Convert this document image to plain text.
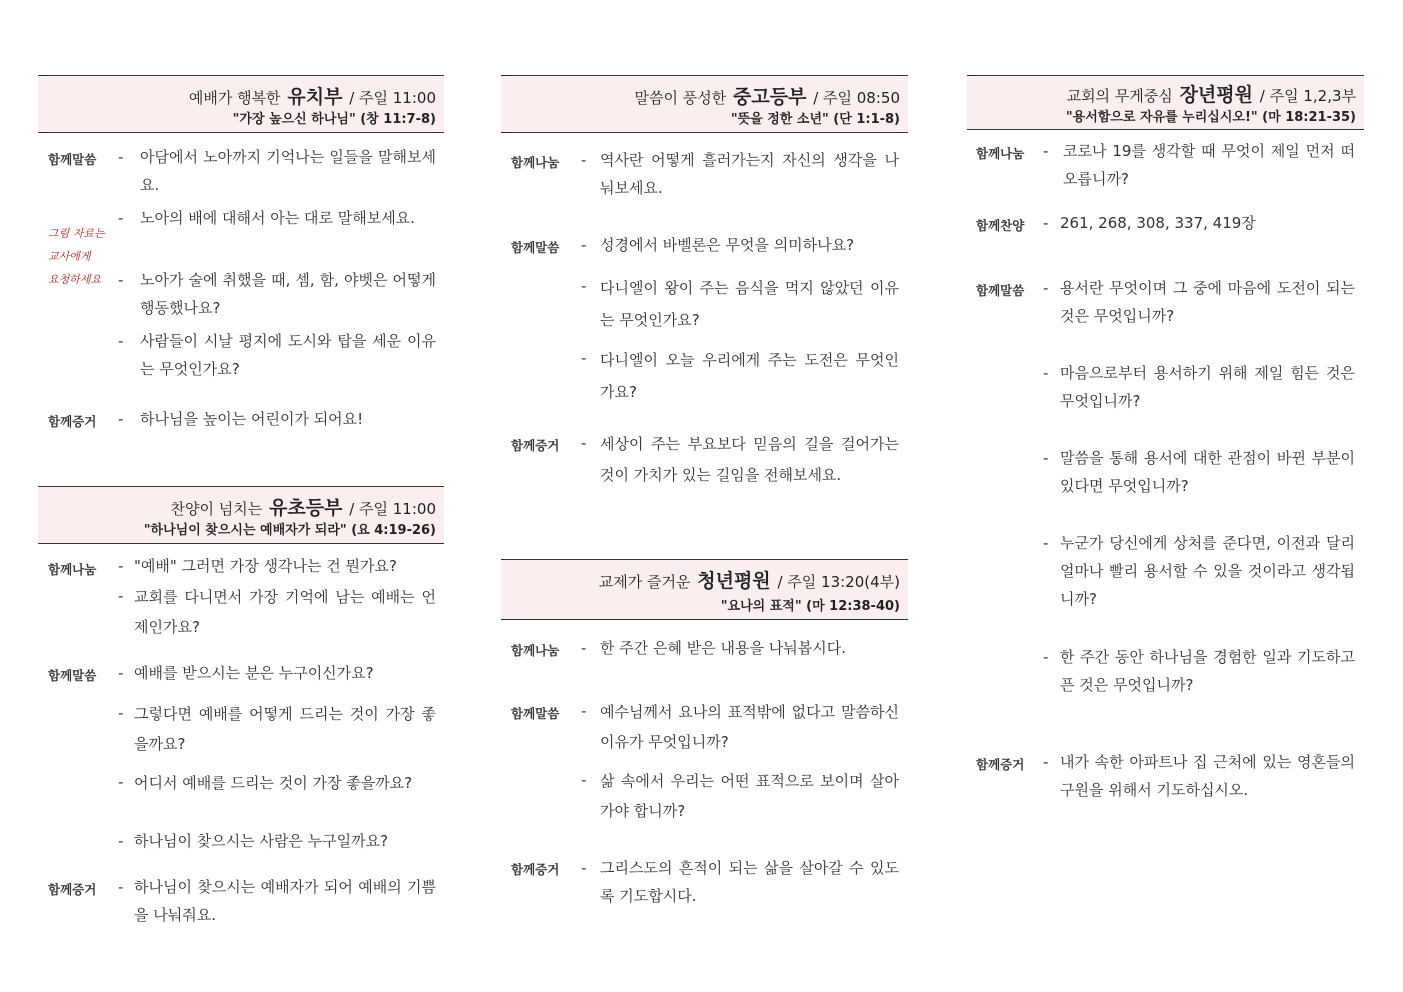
예배가 행복한 유치부 / 주일 11:00
"가장 높으신 하나님" (창 11:7-8)
함께말씀
그림 자료는
교사에게
요청하세요
- 아담에서 노아까지 기억나는 일들을 말해보세요.
- 노아의 배에 대해서 아는 대로 말해보세요.
- 노아가 술에 취했을 때, 셈, 함, 야벳은 어떻게 행동했나요?
- 사람들이 시날 평지에 도시와 탑을 세운 이유는 무엇인가요?
함께증거 - 하나님을 높이는 어린이가 되어요!
찬양이 넘치는 유초등부 / 주일 11:00
"하나님이 찾으시는 예배자가 되라" (요 4:19-26)
함께나눔 - "예배" 그러면 가장 생각나는 건 뭔가요?
- 교회를 다니면서 가장 기억에 남는 예배는 언제인가요?
함께말씀 - 예배를 받으시는 분은 누구이신가요?
- 그렇다면 예배를 어떻게 드리는 것이 가장 좋을까요?
- 어디서 예배를 드리는 것이 가장 좋을까요?
- 하나님이 찾으시는 사람은 누구일까요?
함께증거 - 하나님이 찾으시는 예배자가 되어 예배의 기쁨을 나눠줘요.
말씀이 풍성한 중고등부 / 주일 08:50
"뜻을 정한 소년" (단 1:1-8)
함께나눔 - 역사란 어떻게 흘러가는지 자신의 생각을 나눠보세요.
함께말씀 - 성경에서 바벨론은 무엇을 의미하나요?
- 다니엘이 왕이 주는 음식을 먹지 않았던 이유는 무엇인가요?
- 다니엘이 오늘 우리에게 주는 도전은 무엇인가요?
함께증거 - 세상이 주는 부요보다 믿음의 길을 걸어가는 것이 가치가 있는 길임을 전해보세요.
교제가 즐거운 청년평원 / 주일 13:20(4부)
"요나의 표적" (마 12:38-40)
함께나눔 - 한 주간 은혜 받은 내용을 나눠봅시다.
함께말씀 - 예수님께서 요나의 표적밖에 없다고 말씀하신 이유가 무엇입니까?
- 삶 속에서 우리는 어떤 표적으로 보이며 살아가야 합니까?
함께증거 - 그리스도의 흔적이 되는 삶을 살아갈 수 있도록 기도합시다.
교회의 무게중심 장년평원 / 주일 1,2,3부
"용서함으로 자유를 누리십시오!" (마 18:21-35)
함께나눔 - 코로나 19를 생각할 때 무엇이 제일 먼저 떠오릅니까?
함께찬양 - 261, 268, 308, 337, 419장
함께말씀 - 용서란 무엇이며 그 중에 마음에 도전이 되는 것은 무엇입니까?
- 마음으로부터 용서하기 위해 제일 힘든 것은 무엇입니까?
- 말씀을 통해 용서에 대한 관점이 바뀐 부분이 있다면 무엇입니까?
- 누군가 당신에게 상처를 준다면, 이전과 달리 얼마나 빨리 용서할 수 있을 것이라고 생각됩니까?
- 한 주간 동안 하나님을 경험한 일과 기도하고픈 것은 무엇입니까?
함께증거 - 내가 속한 아파트나 집 근처에 있는 영혼들의 구원을 위해서 기도하십시오.
